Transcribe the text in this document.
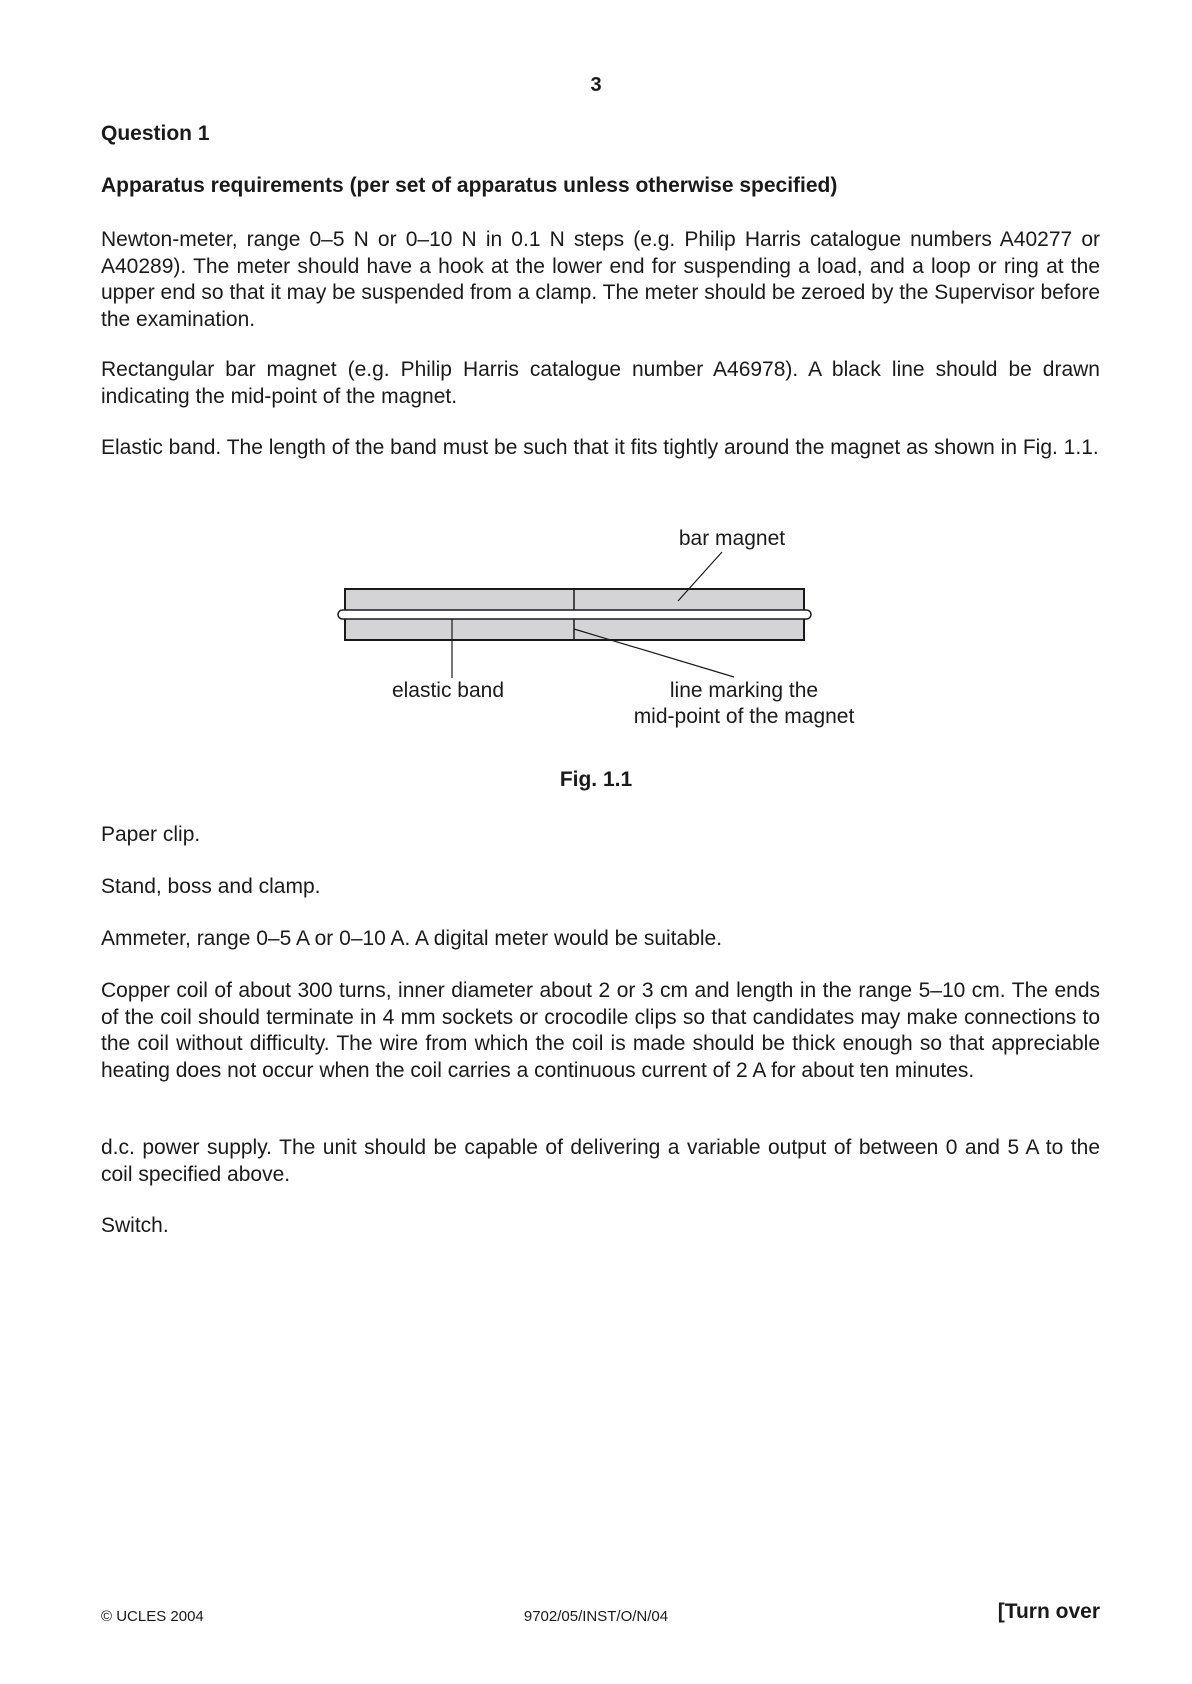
3
Question 1
Apparatus requirements (per set of apparatus unless otherwise specified)
Newton-meter, range 0–5 N or 0–10 N in 0.1 N steps (e.g. Philip Harris catalogue numbers A40277 or A40289). The meter should have a hook at the lower end for suspending a load, and a loop or ring at the upper end so that it may be suspended from a clamp. The meter should be zeroed by the Supervisor before the examination.
Rectangular bar magnet (e.g. Philip Harris catalogue number A46978). A black line should be drawn indicating the mid-point of the magnet.
Elastic band. The length of the band must be such that it fits tightly around the magnet as shown in Fig. 1.1.
bar magnet
elastic band	line marking the
mid-point of the magnet
Fig. 1.1
Paper clip.
Stand, boss and clamp.
Ammeter, range 0–5 A or 0–10 A. A digital meter would be suitable.
Copper coil of about 300 turns, inner diameter about 2 or 3 cm and length in the range 5–10 cm. The ends of the coil should terminate in 4 mm sockets or crocodile clips so that candidates may make connections to the coil without difficulty. The wire from which the coil is made should be thick enough so that appreciable heating does not occur when the coil carries a continuous current of 2 A for about ten minutes.
d.c. power supply. The unit should be capable of delivering a variable output of between 0 and 5 A to the coil specified above.
Switch.
© UCLES 2004	9702/05/INST/O/N/04	[Turn over
